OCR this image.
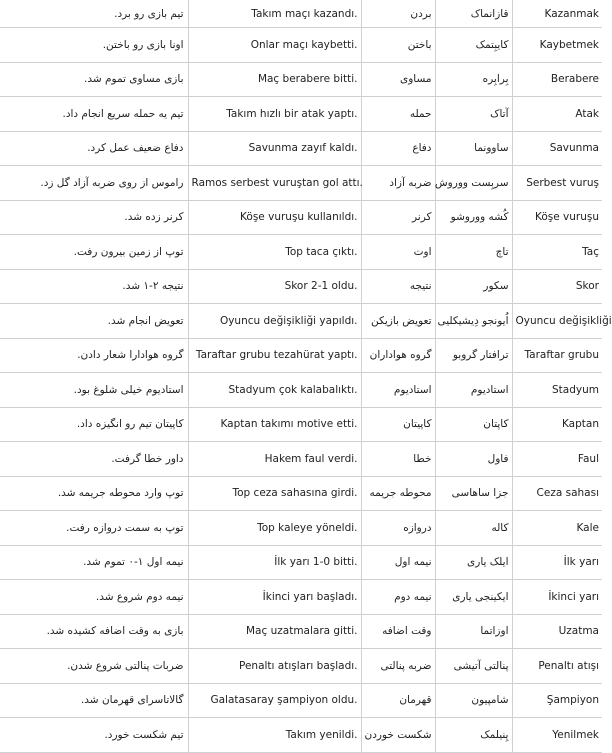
تیم بازی رو برد.	Takım maçı kazandı.	بردن	قازانماک	Kazanmak
اونا بازی رو باختن.	Onlar maçı kaybetti.	باختن	کایبِتمک	Kaybetmek
بازی مساوی تموم شد.	Maç berabere bitti.	مساوی	بِرابِره	Berabere
تیم یه حمله سریع انجام داد.	Takım hızlı bir atak yaptı.	حمله	آتاک	Atak
دفاع ضعیف عمل کرد.	Savunma zayıf kaldı.	دفاع	ساوونما	Savunma
راموس از روی ضربه آزاد گل زد.	Ramos serbest vuruştan gol attı.	ضربه آزاد	سربِست ووروش	Serbest vuruş
کرنر زده شد.	Köşe vuruşu kullanıldı.	کرنر	کُشه ووروشو	Köşe vuruşu
توپ از زمین بیرون رفت.	Top taca çıktı.	اوت	تاچ	Taç
نتیجه ۲-۱ شد.	Skor 2-1 oldu.	نتیجه	سکور	Skor
تعویض انجام شد.	Oyuncu değişikliği yapıldı.	تعویض بازیکن	اُیونجو دِیشیکلیی	Oyuncu değişikliği
گروه هوادارا شعار دادن.	Taraftar grubu tezahürat yaptı.	گروه هواداران	ترافتار گروبو	Taraftar grubu
استادیوم خیلی شلوغ بود.	Stadyum çok kalabalıktı.	استادیوم	استادیوم	Stadyum
کاپیتان تیم رو انگیزه داد.	Kaptan takımı motive etti.	کاپیتان	کاپتان	Kaptan
داور خطا گرفت.	Hakem faul verdi.	خطا	فاول	Faul
توپ وارد محوطه جریمه شد.	Top ceza sahasına girdi.	محوطه جریمه	جزا ساهاسی	Ceza sahası
توپ به سمت دروازه رفت.	Top kaleye yöneldi.	دروازه	کاله	Kale
نیمه اول ۱-۰ تموم شد.	İlk yarı 1-0 bitti.	نیمه اول	ایلک یاری	İlk yarı
نیمه دوم شروع شد.	İkinci yarı başladı.	نیمه دوم	ایکینجی یاری	İkinci yarı
بازی به وقت اضافه کشیده شد.	Maç uzatmalara gitti.	وقت اضافه	اوزاتما	Uzatma
ضربات پنالتی شروع شدن.	Penaltı atışları başladı.	ضربه پنالتی	پنالتی آتیشی	Penaltı atışı
گالاتاسرای قهرمان شد.	Galatasaray şampiyon oldu.	قهرمان	شامپیون	Şampiyon
تیم شکست خورد.	Takım yenildi.	شکست خوردن	یِنیلمک	Yenilmek
